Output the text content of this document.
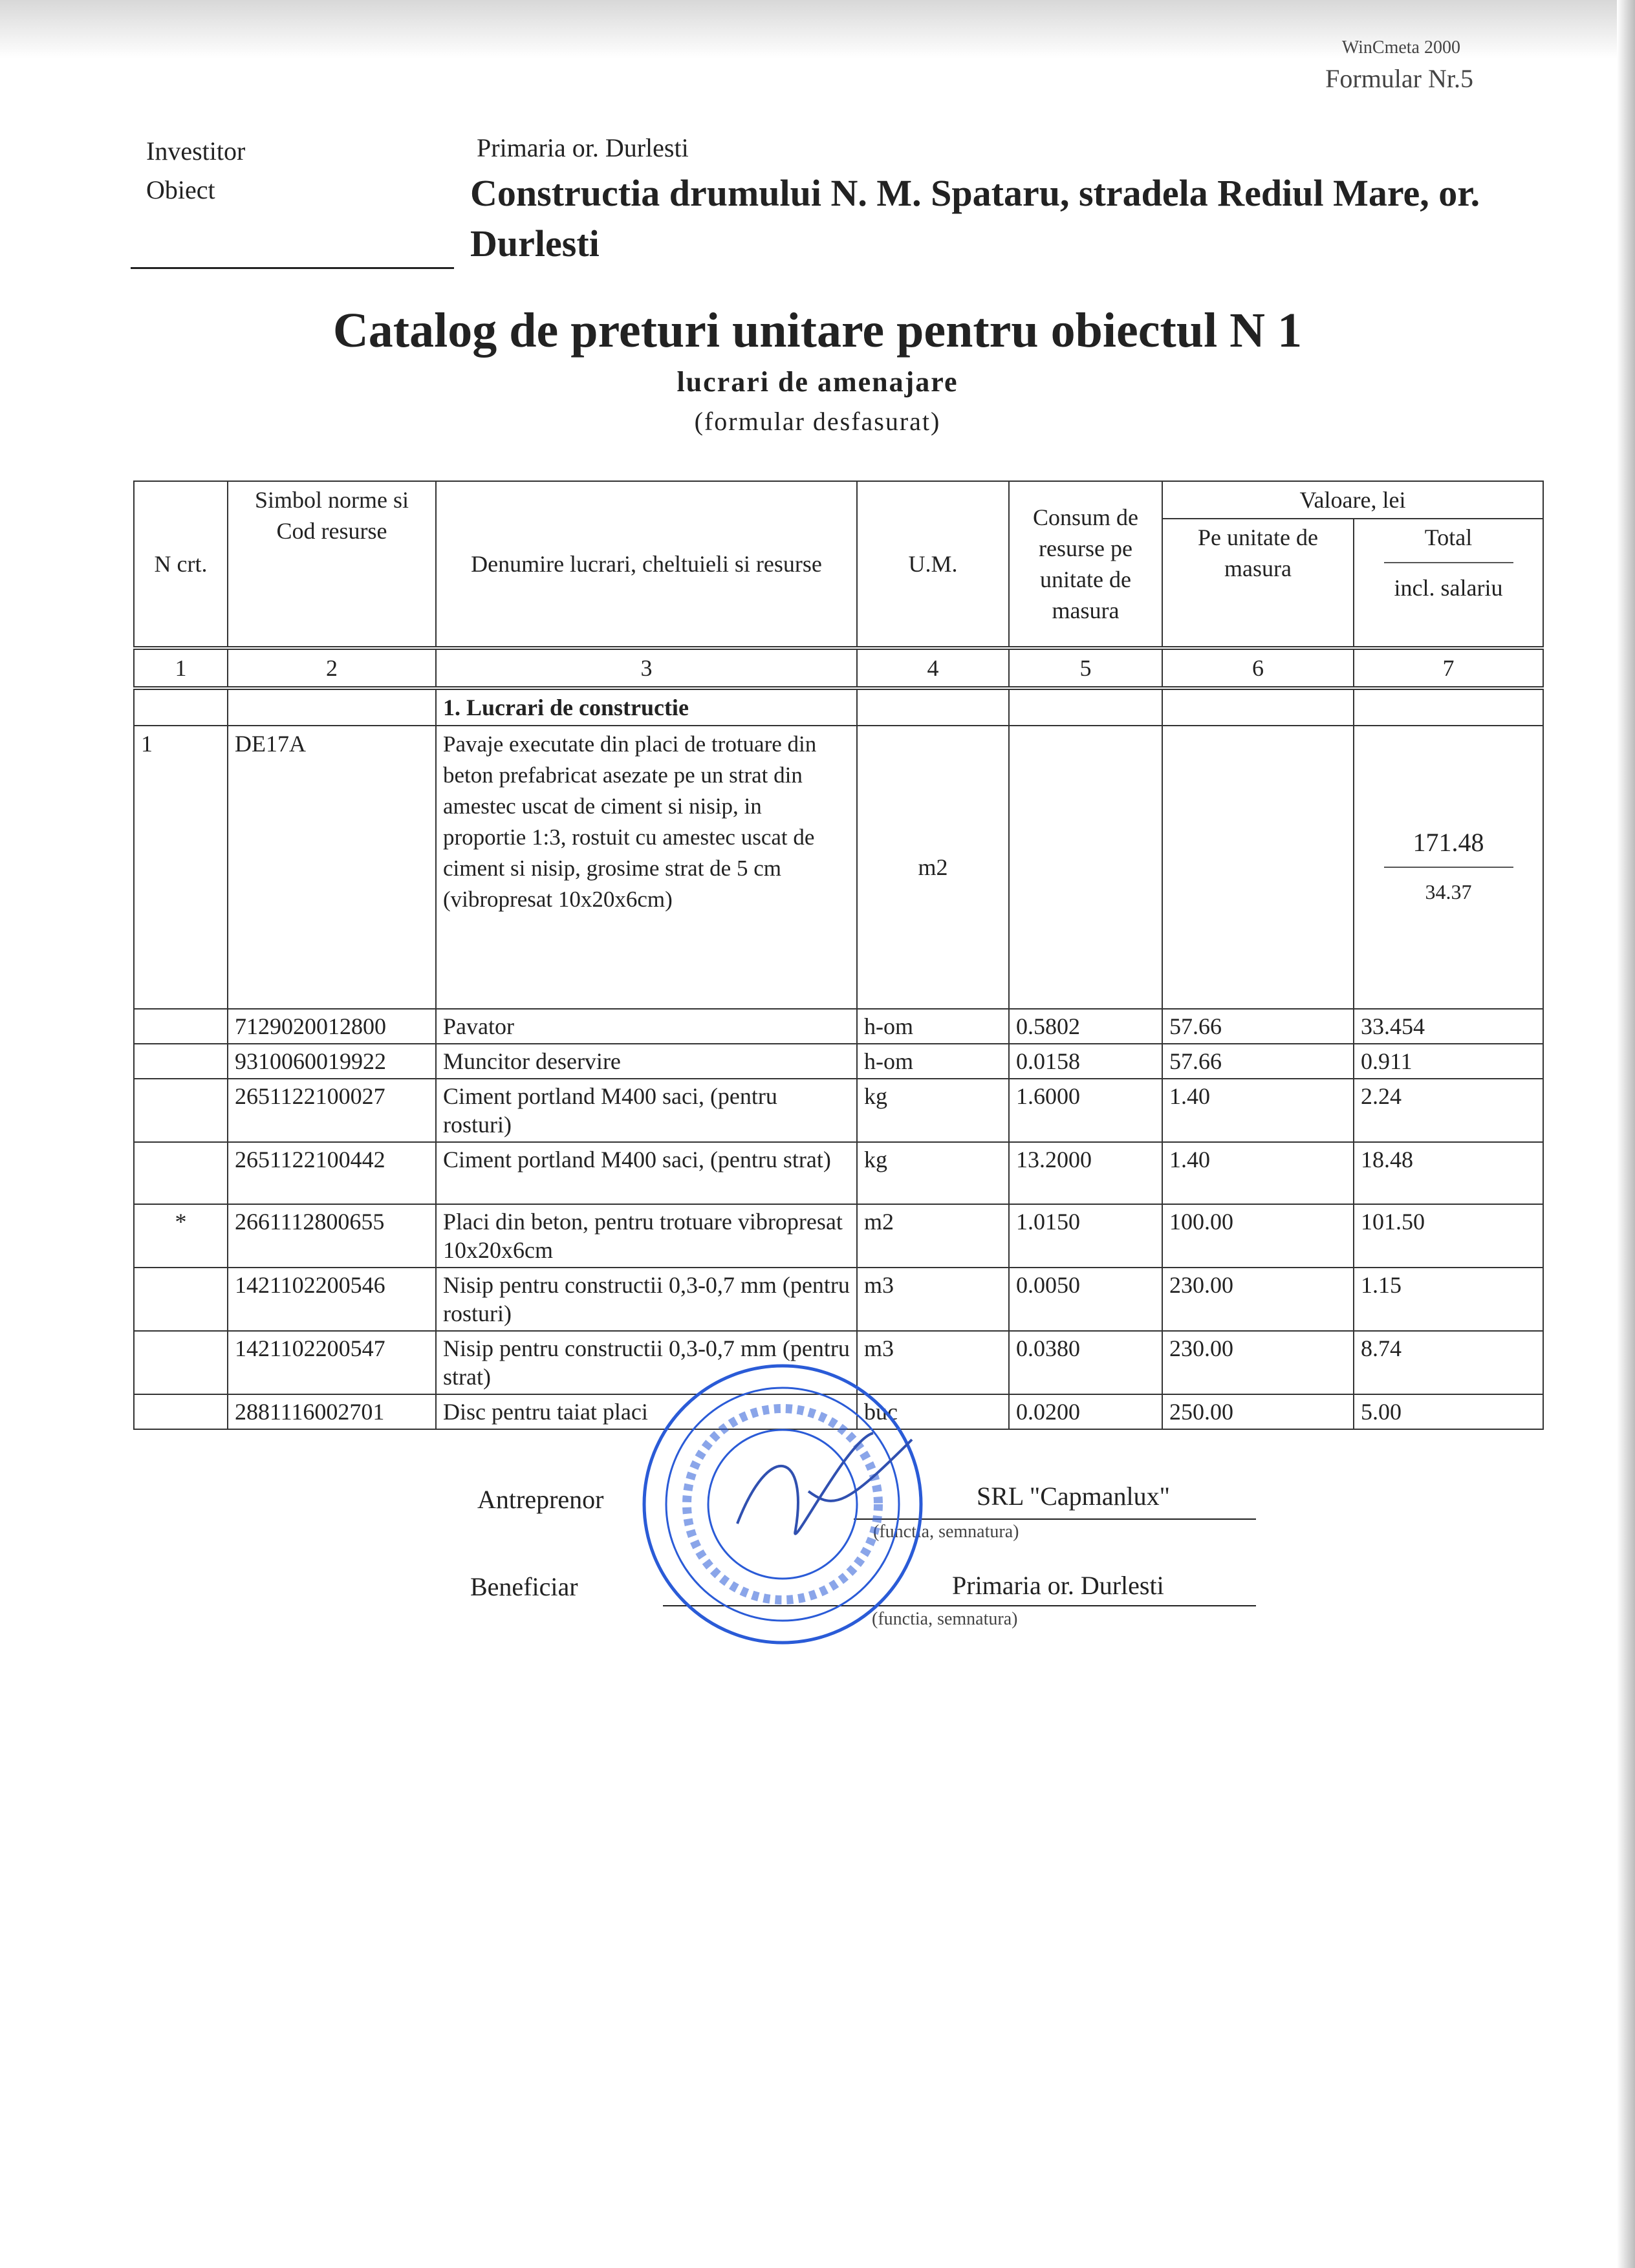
WinCmeta 2000
Formular Nr.5
Investitor	Primaria or. Durlesti
Obiect	Constructia drumului N. M. Spataru, stradela Rediul Mare, or. Durlesti
Catalog de preturi unitare pentru obiectul N 1
lucrari de amenajare
(formular desfasurat)
N crt.	Simbol norme si Cod resurse	Denumire lucrari, cheltuieli si resurse	U.M.	Consum de resurse pe unitate de masura	Valoare, lei	
					Pe unitate de masura	Total
incl. salariu

1	2	3	4	5	6	7
		1. Lucrari de constructie				
1	DE17A	Pavaje executate din placi de trotuare din beton prefabricat asezate pe un strat din amestec uscat de ciment si nisip, in proportie 1:3, rostuit cu amestec uscat de ciment si nisip, grosime strat de 5 cm (vibropresat 10x20x6cm)	m2			171.48
34.37

	7129020012800	Pavator	h-om	0.5802	57.66	33.454
	9310060019922	Muncitor deservire	h-om	0.0158	57.66	0.911
	2651122100027	Ciment portland M400 saci, (pentru rosturi)	kg	1.6000	1.40	2.24
	2651122100442	Ciment portland M400 saci, (pentru strat)	kg	13.2000	1.40	18.48
*	2661112800655	Placi din beton, pentru trotuare vibropresat 10x20x6cm	m2	1.0150	100.00	101.50
	1421102200546	Nisip pentru constructii 0,3-0,7 mm (pentru rosturi)	m3	0.0050	230.00	1.15
	1421102200547	Nisip pentru constructii 0,3-0,7 mm (pentru strat)	m3	0.0380	230.00	8.74
	2881116002701	Disc pentru taiat placi	buc	0.0200	250.00	5.00
Antreprenor	SRL "Capmanlux"
(functia, semnatura)
Beneficiar	Primaria or. Durlesti
(functia, semnatura)
